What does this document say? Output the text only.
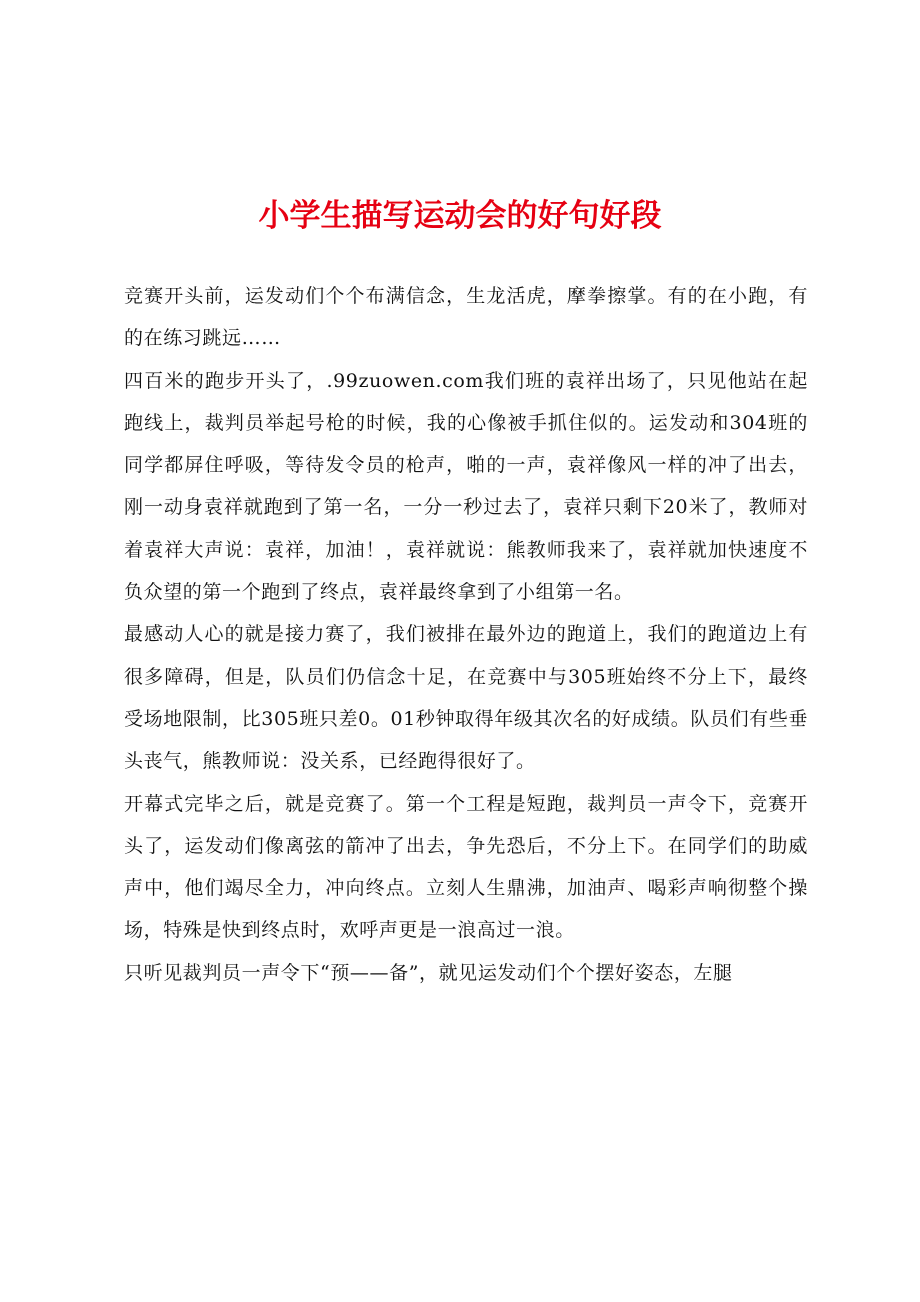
小学生描写运动会的好句好段

竞赛开头前，运发动们个个布满信念，生龙活虎，摩拳擦掌。有的在小跑，有的在练习跳远……

四百米的跑步开头了，.99zuowen.com我们班的袁祥出场了，只见他站在起跑线上，裁判员举起号枪的时候，我的心像被手抓住似的。运发动和304班的同学都屏住呼吸，等待发令员的枪声，啪的一声，袁祥像风一样的冲了出去，刚一动身袁祥就跑到了第一名，一分一秒过去了，袁祥只剩下20米了，教师对着袁祥大声说：袁祥，加油！，袁祥就说：熊教师我来了，袁祥就加快速度不负众望的第一个跑到了终点，袁祥最终拿到了小组第一名。

最感动人心的就是接力赛了，我们被排在最外边的跑道上，我们的跑道边上有很多障碍，但是，队员们仍信念十足，在竞赛中与305班始终不分上下，最终受场地限制，比305班只差0。01秒钟取得年级其次名的好成绩。队员们有些垂头丧气，熊教师说：没关系，已经跑得很好了。

开幕式完毕之后，就是竞赛了。第一个工程是短跑，裁判员一声令下，竞赛开头了，运发动们像离弦的箭冲了出去，争先恐后，不分上下。在同学们的助威声中，他们竭尽全力，冲向终点。立刻人生鼎沸，加油声、喝彩声响彻整个操场，特殊是快到终点时，欢呼声更是一浪高过一浪。

只听见裁判员一声令下“预——备”，就见运发动们个个摆好姿态，左腿
